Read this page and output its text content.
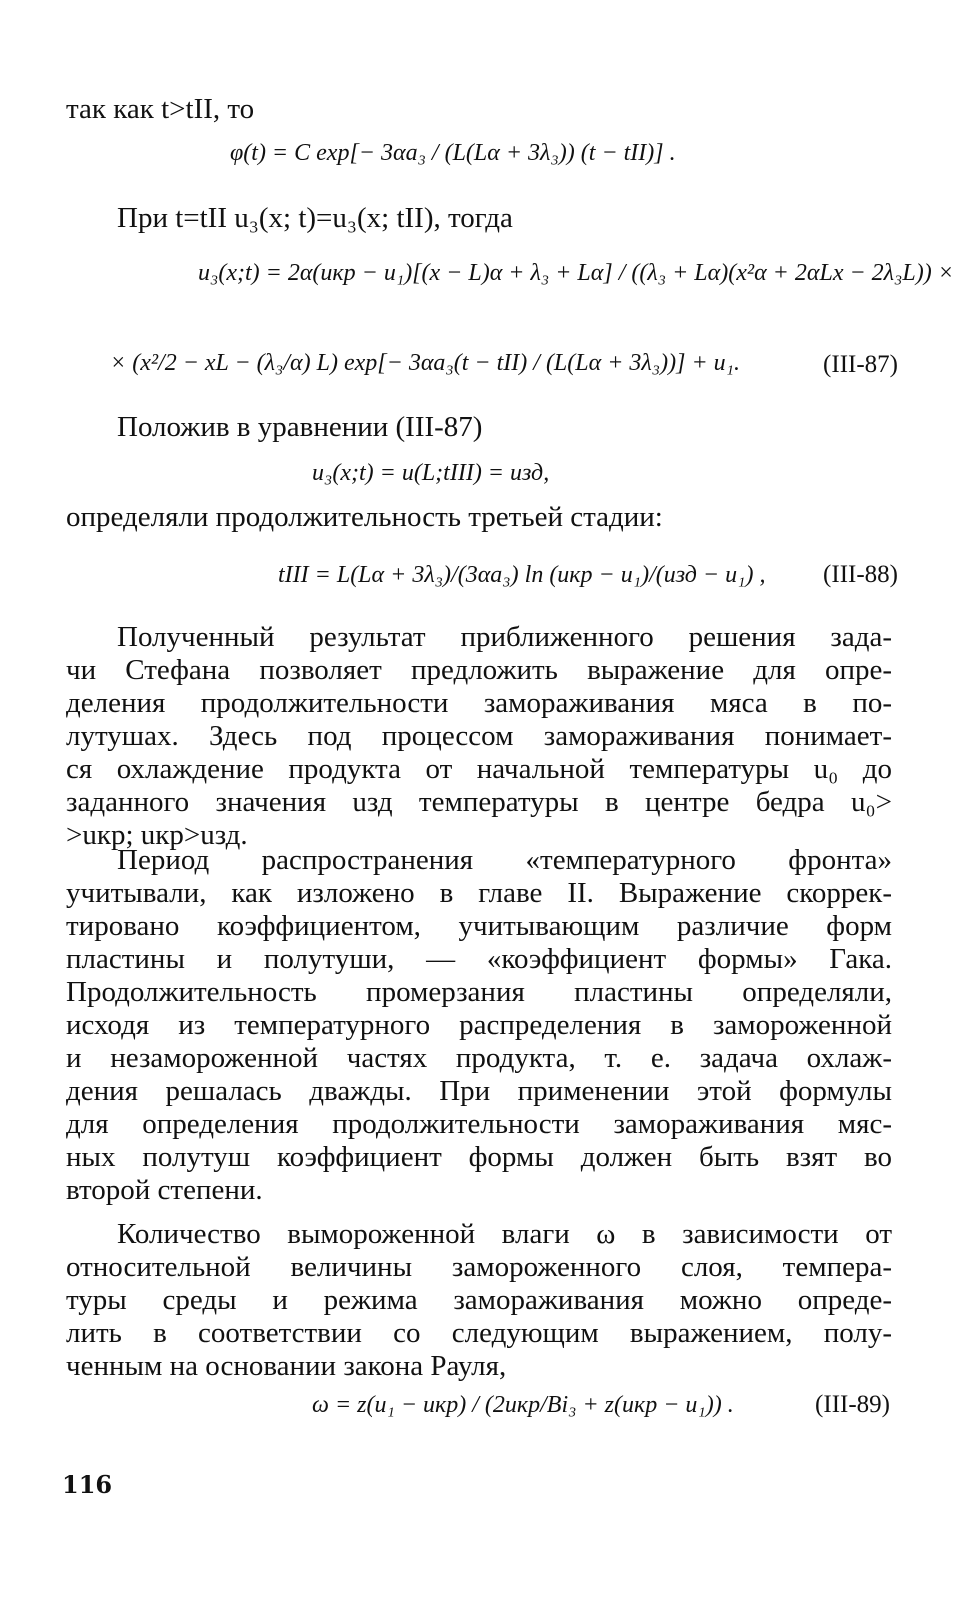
так как t>tII, то
φ(t) = C exp[− 3αa₃ / (L(Lα + 3λ₃)) (t − tII)] .
При t=tII u₃(x; t)=u₃(x; tII), тогда
u₃(x;t) = 2α(uкр − u₁)[(x − L)α + λ₃ + Lα] / ((λ₃ + Lα)(x²α + 2αLx − 2λ₃L)) ×
× (x²/2 − xL − (λ₃/α) L) exp[− 3αa₃(t − tII) / (L(Lα + 3λ₃))] + u₁.	(III-87)
Положив в уравнении (III-87)
u₃(x;t) = u(L;tIII) = uзд,
определяли продолжительность третьей стадии:
tIII = L(Lα + 3λ₃)/(3αa₃) ln (uкр − u₁)/(uзд − u₁) ,	(III-88)
Полученный результат приближенного решения зада-
чи Стефана позволяет предложить выражение для опре-
деления продолжительности замораживания мяса в по-
лутушах. Здесь под процессом замораживания понимает-
ся охлаждение продукта от начальной температуры u₀ до
заданного значения uзд температуры в центре бедра u₀>
>uкр; uкр>uзд.
Период распространения «температурного фронта»
учитывали, как изложено в главе II. Выражение скоррек-
тировано коэффициентом, учитывающим различие форм
пластины и полутуши, — «коэффициент формы» Гака.
Продолжительность промерзания пластины определяли,
исходя из температурного распределения в замороженной
и незамороженной частях продукта, т. е. задача охлаж-
дения решалась дважды. При применении этой формулы
для определения продолжительности замораживания мяс-
ных полутуш коэффициент формы должен быть взят во
второй степени.
Количество вымороженной влаги ω в зависимости от
относительной величины замороженного слоя, темпера-
туры среды и режима замораживания можно опреде-
лить в соответствии со следующим выражением, полу-
ченным на основании закона Рауля,
ω = z(u₁ − uкр) / (2uкр/Bi₃ + z(uкр − u₁)) .	(III-89)
116
